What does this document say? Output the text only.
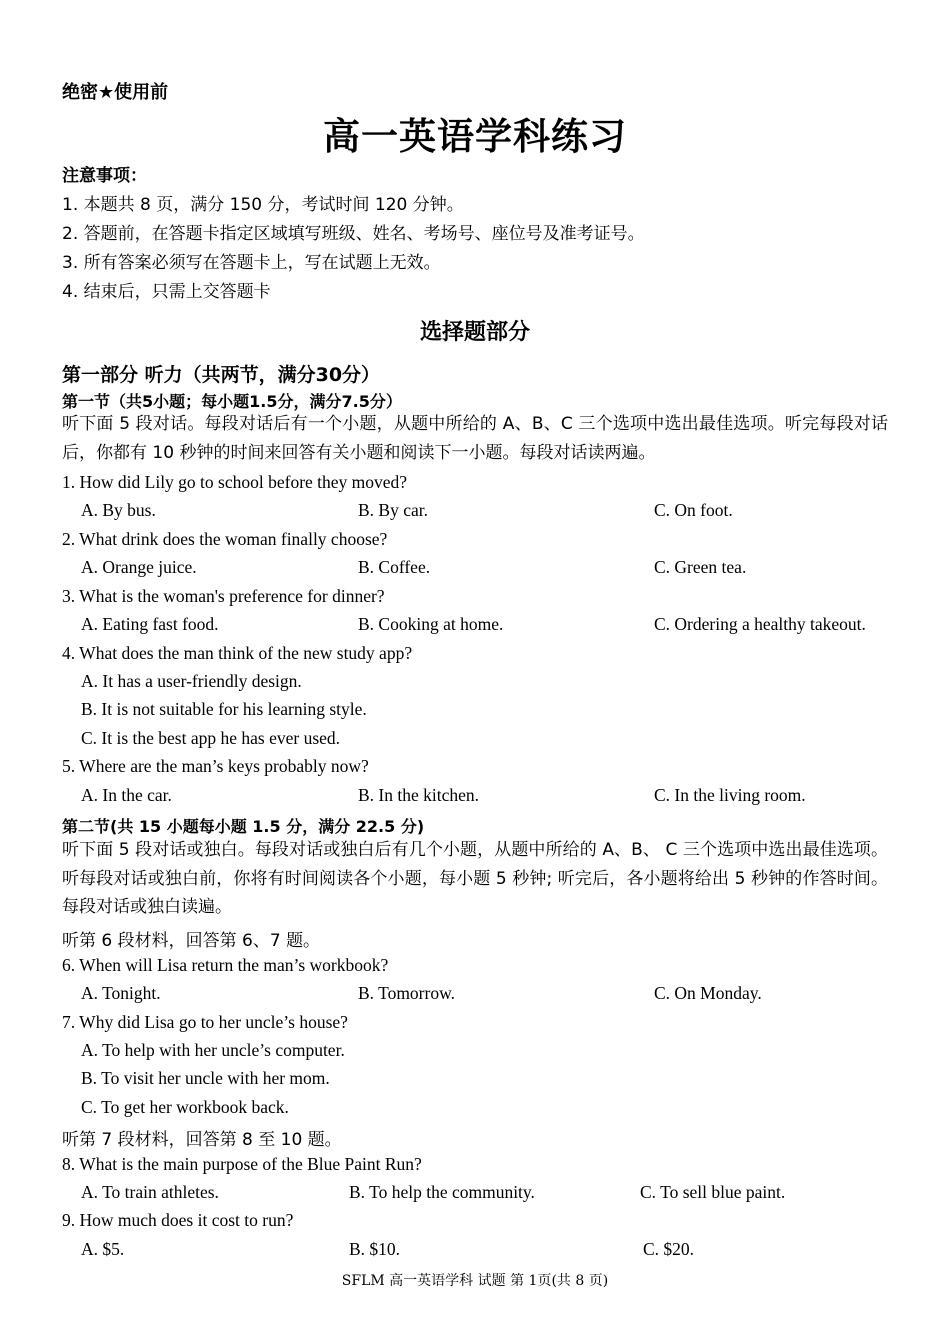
绝密★使用前
高一英语学科练习
注意事项：
1. 本题共 8 页，满分 150 分，考试时间 120 分钟。
2. 答题前，在答题卡指定区域填写班级、姓名、考场号、座位号及准考证号。
3. 所有答案必须写在答题卡上，写在试题上无效。
4. 结束后，只需上交答题卡
选择题部分
第一部分 听力（共两节，满分30分）
第一节（共5小题；每小题1.5分，满分7.5分）
听下面 5 段对话。每段对话后有一个小题，从题中所给的 A、B、C 三个选项中选出最佳选项。听完每段对话后，你都有 10 秒钟的时间来回答有关小题和阅读下一小题。每段对话读两遍。
1. How did Lily go to school before they moved?
A. By bus.	B. By car.	C. On foot.
2. What drink does the woman finally choose?
A. Orange juice.	B. Coffee.	C. Green tea.
3. What is the woman's preference for dinner?
A. Eating fast food.	B. Cooking at home.	C. Ordering a healthy takeout.
4. What does the man think of the new study app?
A. It has a user-friendly design.
B. It is not suitable for his learning style.
C. It is the best app he has ever used.
5. Where are the man’s keys probably now?
A. In the car.	B. In the kitchen.	C. In the living room.
第二节(共 15 小题每小题 1.5 分，满分 22.5 分)
听下面 5 段对话或独白。每段对话或独白后有几个小题，从题中所给的 A、B、 C 三个选项中选出最佳选项。听每段对话或独白前，你将有时间阅读各个小题，每小题 5 秒钟; 听完后，各小题将给出 5 秒钟的作答时间。每段对话或独白读遍。
听第 6 段材料，回答第 6、7 题。
6. When will Lisa return the man’s workbook?
A. Tonight.	B. Tomorrow.	C. On Monday.
7. Why did Lisa go to her uncle’s house?
A. To help with her uncle’s computer.
B. To visit her uncle with her mom.
C. To get her workbook back.
听第 7 段材料，回答第 8 至 10 题。
8. What is the main purpose of the Blue Paint Run?
A. To train athletes.	B. To help the community.	C. To sell blue paint.
9. How much does it cost to run?
A. $5.	B. $10.	C. $20.
SFLM 高一英语学科 试题 第 1页(共 8 页)
